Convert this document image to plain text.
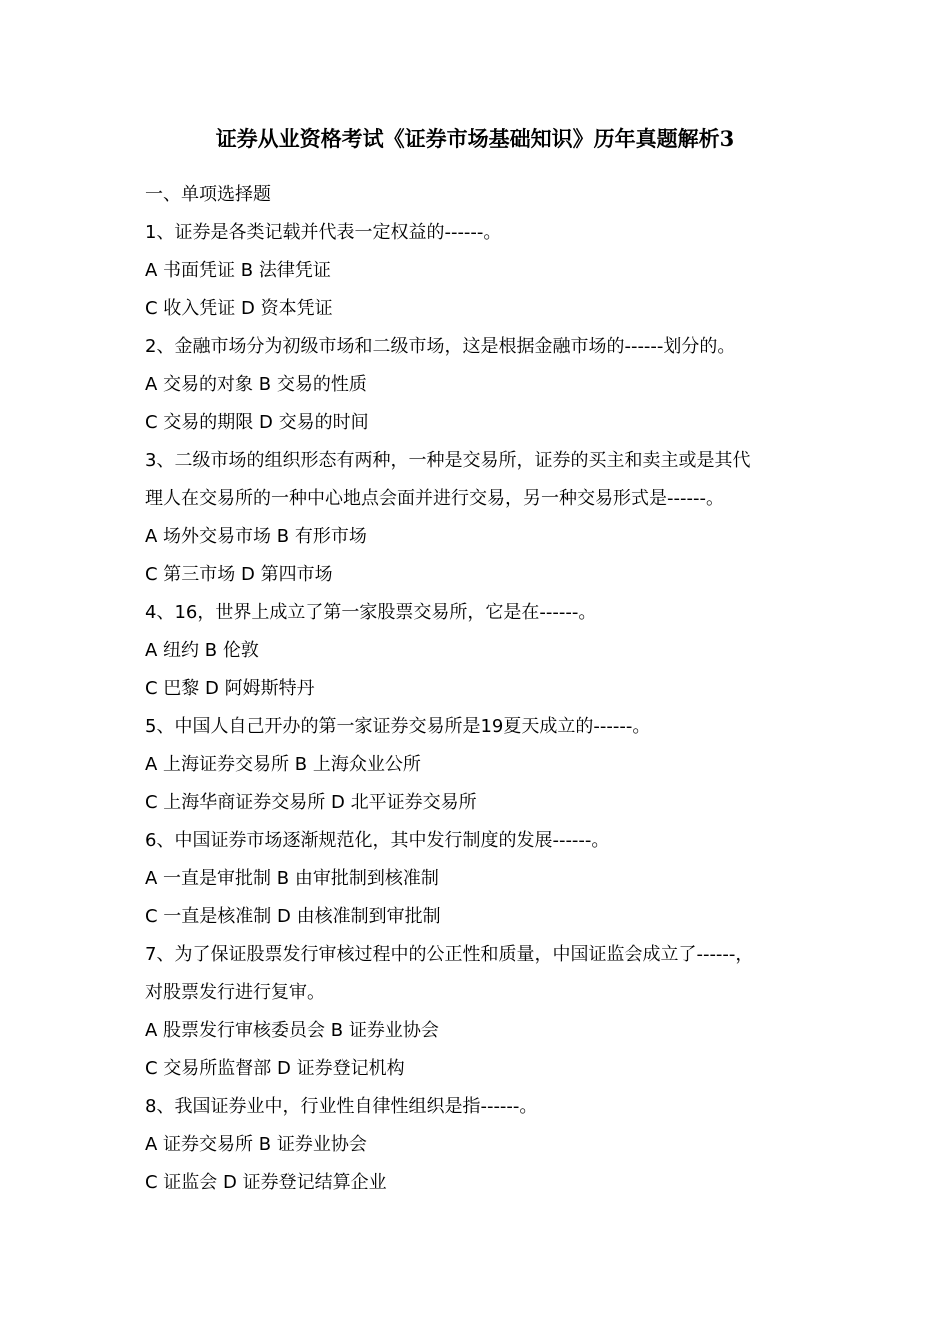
证券从业资格考试《证券市场基础知识》历年真题解析3

一、单项选择题

1、证券是各类记载并代表一定权益的------。

A 书面凭证 B 法律凭证

C 收入凭证 D 资本凭证

2、金融市场分为初级市场和二级市场，这是根据金融市场的------划分的。

A 交易的对象 B 交易的性质

C 交易的期限 D 交易的时间

3、二级市场的组织形态有两种，一种是交易所，证券的买主和卖主或是其代

理人在交易所的一种中心地点会面并进行交易，另一种交易形式是------。

A 场外交易市场 B 有形市场

C 第三市场 D 第四市场

4、16，世界上成立了第一家股票交易所，它是在------。

A 纽约 B 伦敦

C 巴黎 D 阿姆斯特丹

5、中国人自己开办的第一家证券交易所是19夏天成立的------。

A 上海证券交易所 B 上海众业公所

C 上海华商证券交易所 D 北平证券交易所

6、中国证券市场逐渐规范化，其中发行制度的发展------。

A 一直是审批制 B 由审批制到核准制

C 一直是核准制 D 由核准制到审批制

7、为了保证股票发行审核过程中的公正性和质量，中国证监会成立了------，

对股票发行进行复审。

A 股票发行审核委员会 B 证券业协会

C 交易所监督部 D 证券登记机构

8、我国证券业中，行业性自律性组织是指------。

A 证券交易所 B 证券业协会

C 证监会 D 证券登记结算企业
